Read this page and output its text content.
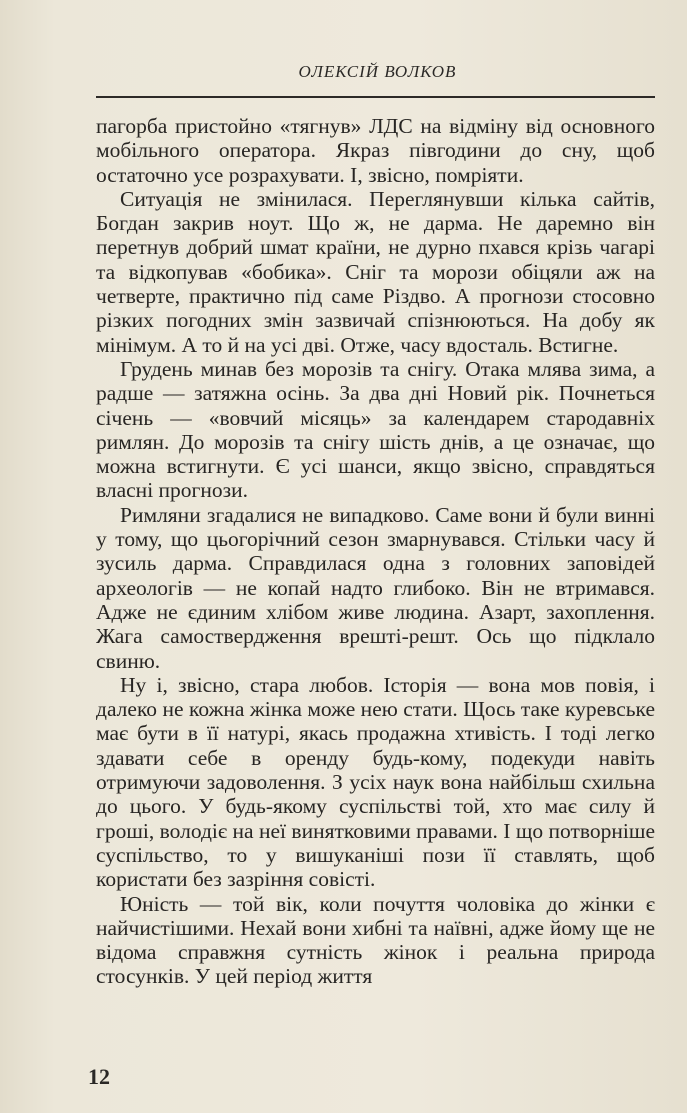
ОЛЕКСІЙ ВОЛКОВ

пагорба пристойно «тягнув» ЛДС на відміну від основного мобільного оператора. Якраз півгодини до сну, щоб остаточно усе розрахувати. І, звісно, помріяти.

Ситуація не змінилася. Переглянувши кілька сайтів, Богдан закрив ноут. Що ж, не дарма. Не даремно він перетнув добрий шмат країни, не дурно пхався крізь чагарі та відкопував «бобика». Сніг та морози обіцяли аж на четверте, практично під саме Різдво. А прогнози стосовно різких погодних змін зазвичай спізнюються. На добу як мінімум. А то й на усі дві. Отже, часу вдосталь. Встигне.

Грудень минав без морозів та снігу. Отака млява зима, а радше — затяжна осінь. За два дні Новий рік. Почнеться січень — «вовчий місяць» за календарем стародавніх римлян. До морозів та снігу шість днів, а це означає, що можна встигнути. Є усі шанси, якщо звісно, справдяться власні прогнози.

Римляни згадалися не випадково. Саме вони й були винні у тому, що цьогорічний сезон змарнувався. Стільки часу й зусиль дарма. Справдилася одна з головних заповідей археологів — не копай надто глибоко. Він не втримався. Адже не єдиним хлібом живе людина. Азарт, захоплення. Жага самоствердження врешті-решт. Ось що підклало свиню.

Ну і, звісно, стара любов. Історія — вона мов повія, і далеко не кожна жінка може нею стати. Щось таке куревське має бути в її натурі, якась продажна хтивість. І тоді легко здавати себе в оренду будь-кому, подекуди навіть отримуючи задоволення. З усіх наук вона найбільш схильна до цього. У будь-якому суспільстві той, хто має силу й гроші, володіє на неї винятковими правами. І що потворніше суспільство, то у вишуканіші пози її ставлять, щоб користати без зазріння совісті.

Юність — той вік, коли почуття чоловіка до жінки є найчистішими. Нехай вони хибні та наївні, адже йому ще не відома справжня сутність жінок і реальна природа стосунків. У цей період життя

12
